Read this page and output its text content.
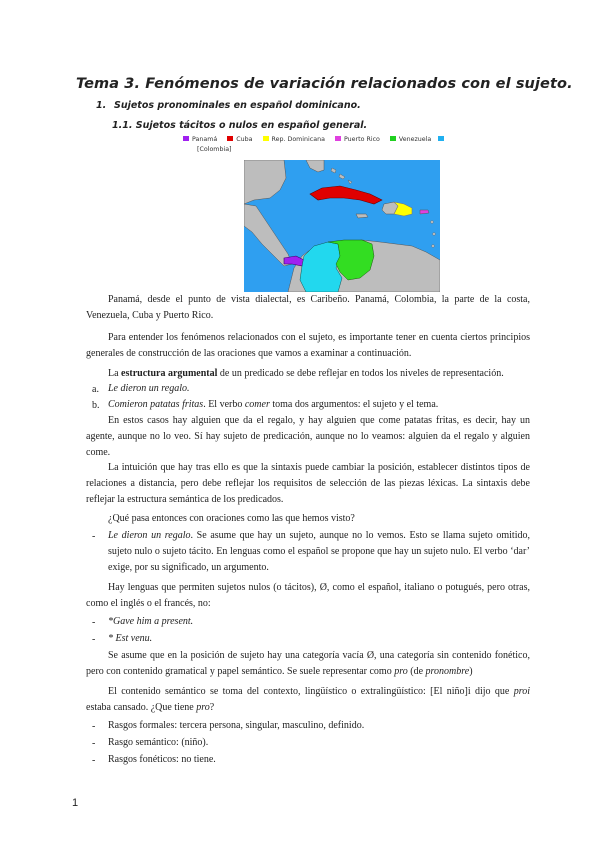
Tema 3. Fenómenos de variación relacionados con el sujeto.
1. Sujetos pronominales en español dominicano.
1.1. Sujetos tácitos o nulos en español general.
Panamá	Cuba	Rep. Dominicana	Puerto Rico	Venezuela
[Colombia]
Panamá, desde el punto de vista dialectal, es Caribeño. Panamá, Colombia, la parte de la costa, Venezuela, Cuba y Puerto Rico.
Para entender los fenómenos relacionados con el sujeto, es importante tener en cuenta ciertos principios generales de construcción de las oraciones que vamos a examinar a continuación.
La estructura argumental de un predicado se debe reflejar en todos los niveles de representación.
a. Le dieron un regalo.
b. Comieron patatas fritas. El verbo comer toma dos argumentos: el sujeto y el tema.
En estos casos hay alguien que da el regalo, y hay alguien que come patatas fritas, es decir, hay un agente, aunque no lo veo. Sí hay sujeto de predicación, aunque no lo veamos: alguien da el regalo y alguien come.
La intuición que hay tras ello es que la sintaxis puede cambiar la posición, establecer distintos tipos de relaciones a distancia, pero debe reflejar los requisitos de selección de las piezas léxicas. La sintaxis debe reflejar la estructura semántica de los predicados.
¿Qué pasa entonces con oraciones como las que hemos visto?
- Le dieron un regalo. Se asume que hay un sujeto, aunque no lo vemos. Esto se llama sujeto omitido, sujeto nulo o sujeto tácito. En lenguas como el español se propone que hay un sujeto nulo. El verbo ‘dar’ exige, por su significado, un argumento.
Hay lenguas que permiten sujetos nulos (o tácitos), Ø, como el español, italiano o potugués, pero otras, como el inglés o el francés, no:
- *Gave him a present.
- * Est venu.
Se asume que en la posición de sujeto hay una categoría vacía Ø, una categoría sin contenido fonético, pero con contenido gramatical y papel semántico. Se suele representar como pro (de pronombre)
El contenido semántico se toma del contexto, lingüístico o extralingüístico: [El niño]i dijo que proi estaba cansado. ¿Que tiene pro?
- Rasgos formales: tercera persona, singular, masculino, definido.
- Rasgo semántico: (niño).
- Rasgos fonéticos: no tiene.
1
